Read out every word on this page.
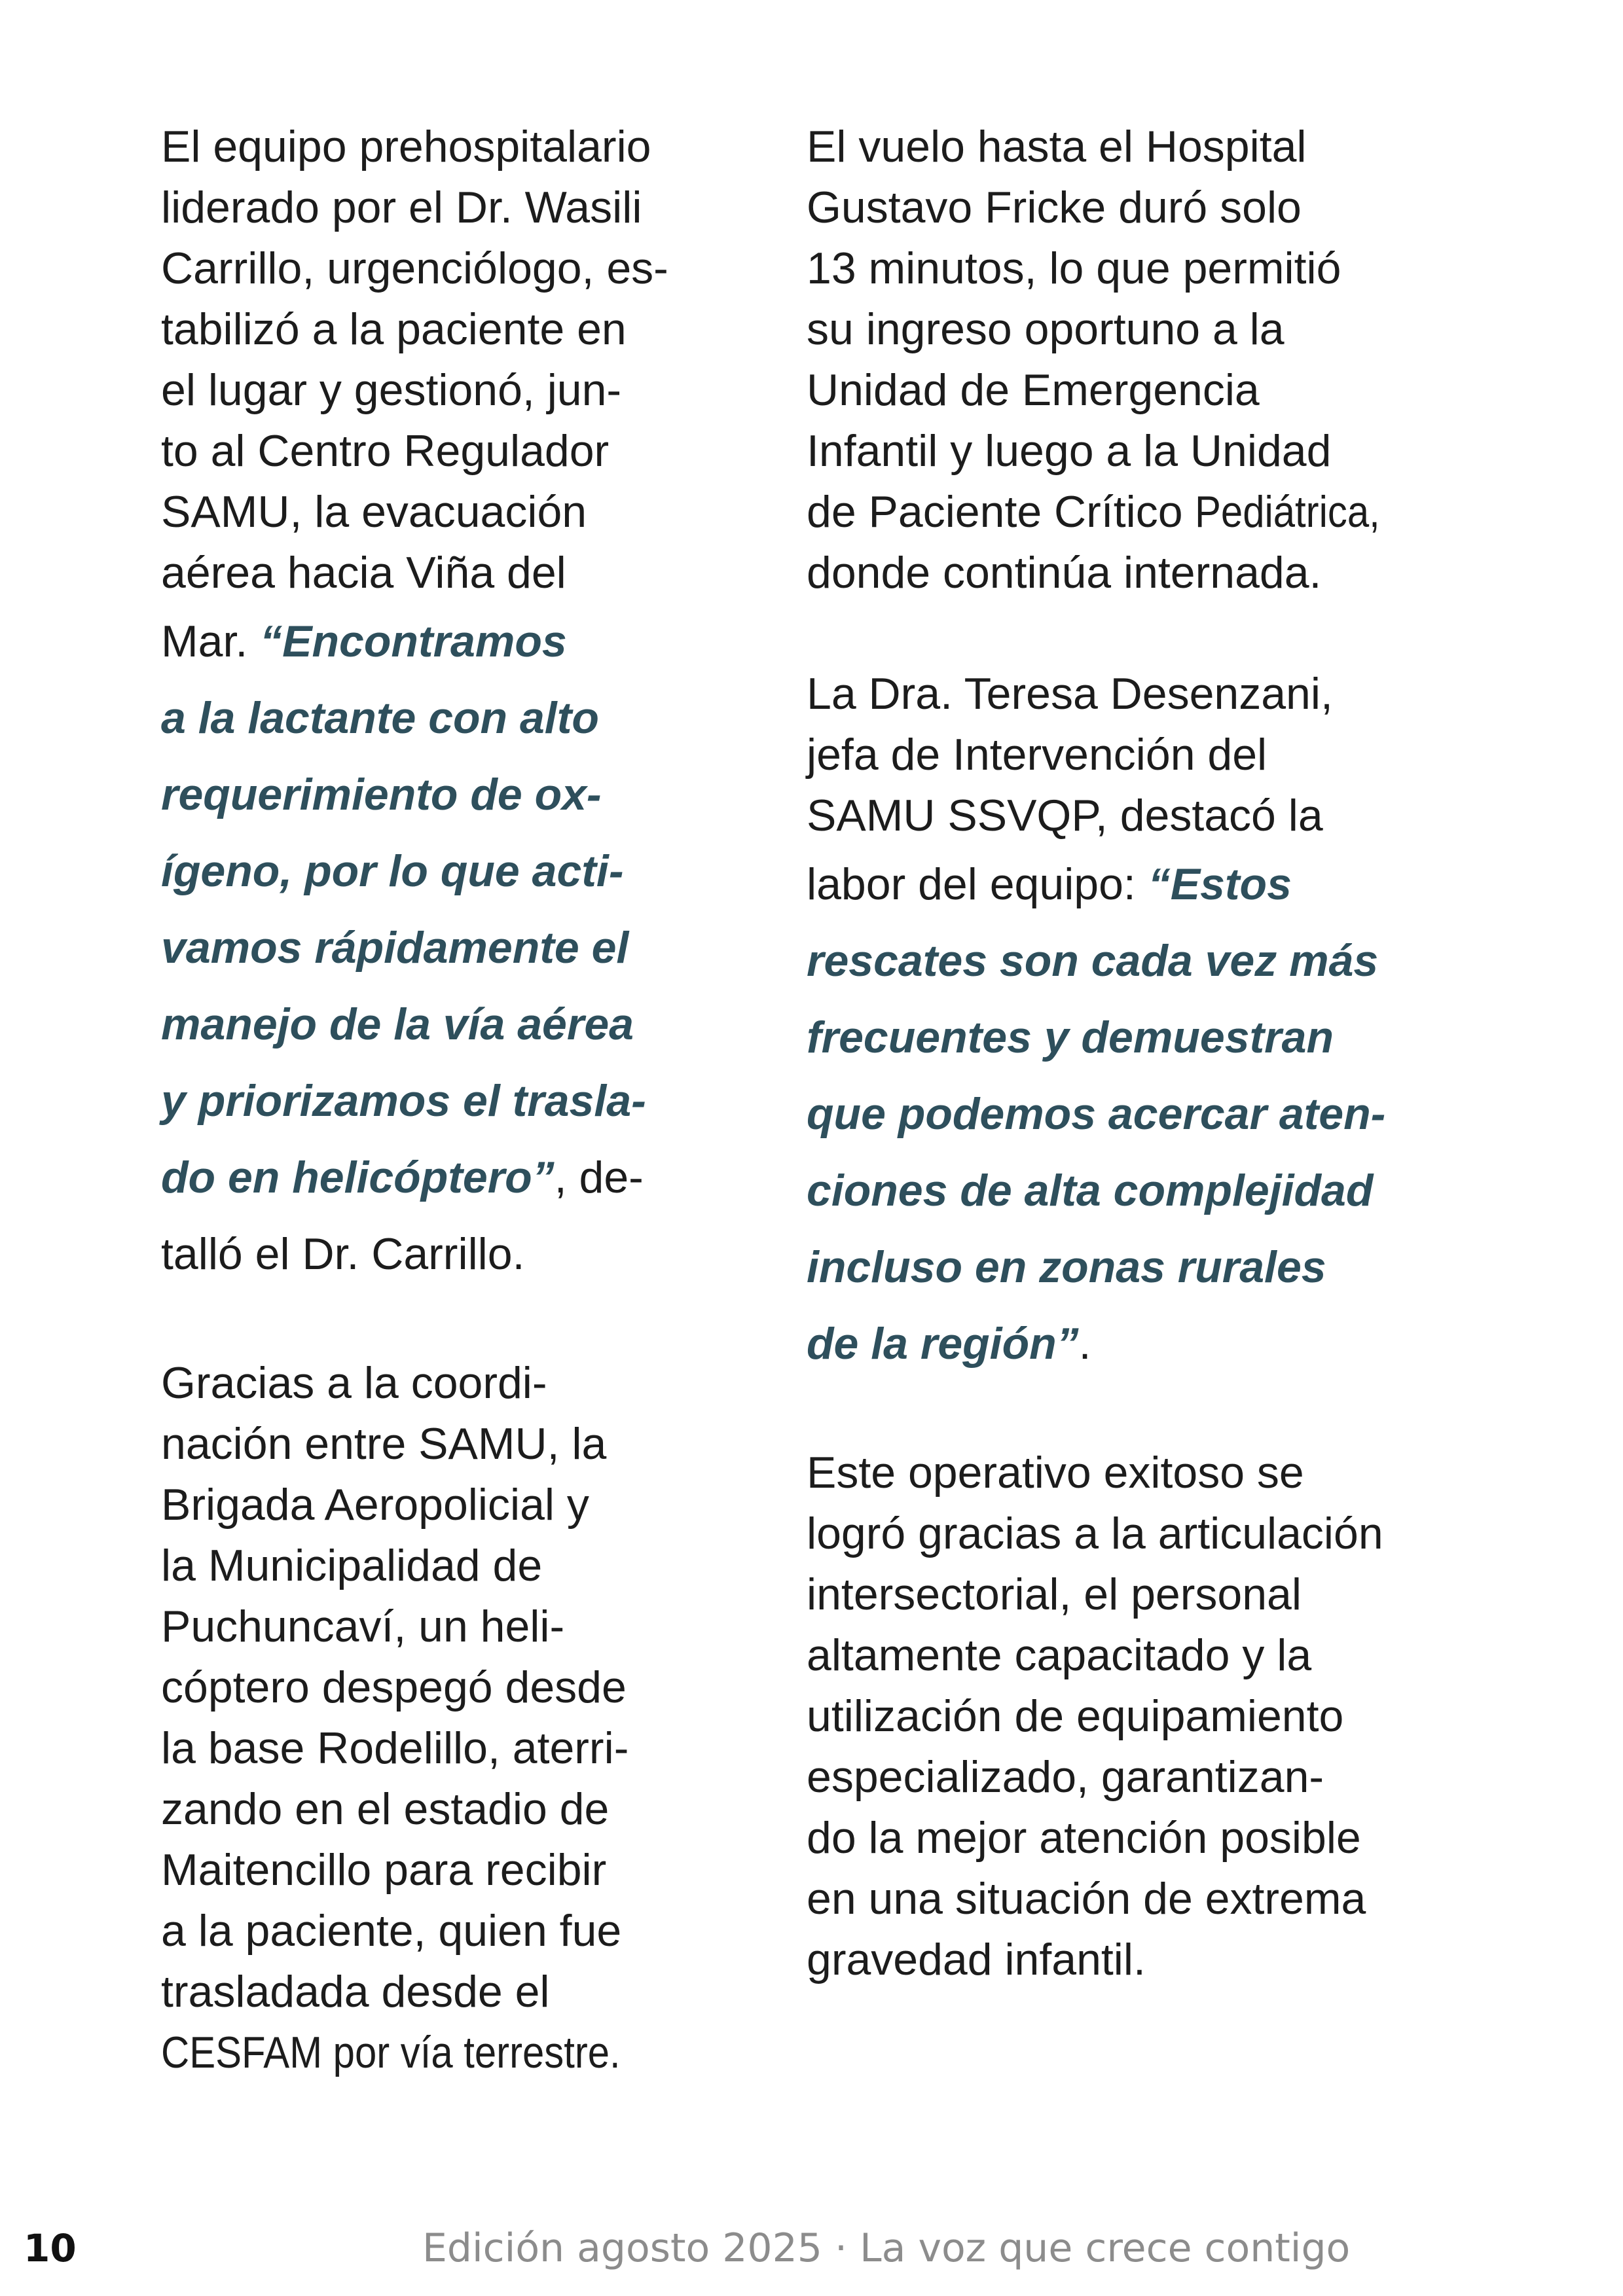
El equipo prehospitalario
liderado por el Dr. Wasili
Carrillo, urgenciólogo, es-
tabilizó a la paciente en
el lugar y gestionó, jun-
to al Centro Regulador
SAMU, la evacuación
aérea hacia Viña del
Mar. “Encontramos
a la lactante con alto
requerimiento de ox-
ígeno, por lo que acti-
vamos rápidamente el
manejo de la vía aérea
y priorizamos el trasla-
do en helicóptero”, de-
talló el Dr. Carrillo.

Gracias a la coordi-
nación entre SAMU, la
Brigada Aeropolicial y
la Municipalidad de
Puchuncaví, un heli-
cóptero despegó desde
la base Rodelillo, aterri-
zando en el estadio de
Maitencillo para recibir
a la paciente, quien fue
trasladada desde el
CESFAM por vía terrestre.

El vuelo hasta el Hospital
Gustavo Fricke duró solo
13 minutos, lo que permitió
su ingreso oportuno a la
Unidad de Emergencia
Infantil y luego a la Unidad
de Paciente Crítico Pediátrica,
donde continúa internada.

La Dra. Teresa Desenzani,
jefa de Intervención del
SAMU SSVQP, destacó la
labor del equipo: “Estos
rescates son cada vez más
frecuentes y demuestran
que podemos acercar aten-
ciones de alta complejidad
incluso en zonas rurales
de la región”.

Este operativo exitoso se
logró gracias a la articulación
intersectorial, el personal
altamente capacitado y la
utilización de equipamiento
especializado, garantizan-
do la mejor atención posible
en una situación de extrema
gravedad infantil.

10	Edición agosto 2025 · La voz que crece contigo
